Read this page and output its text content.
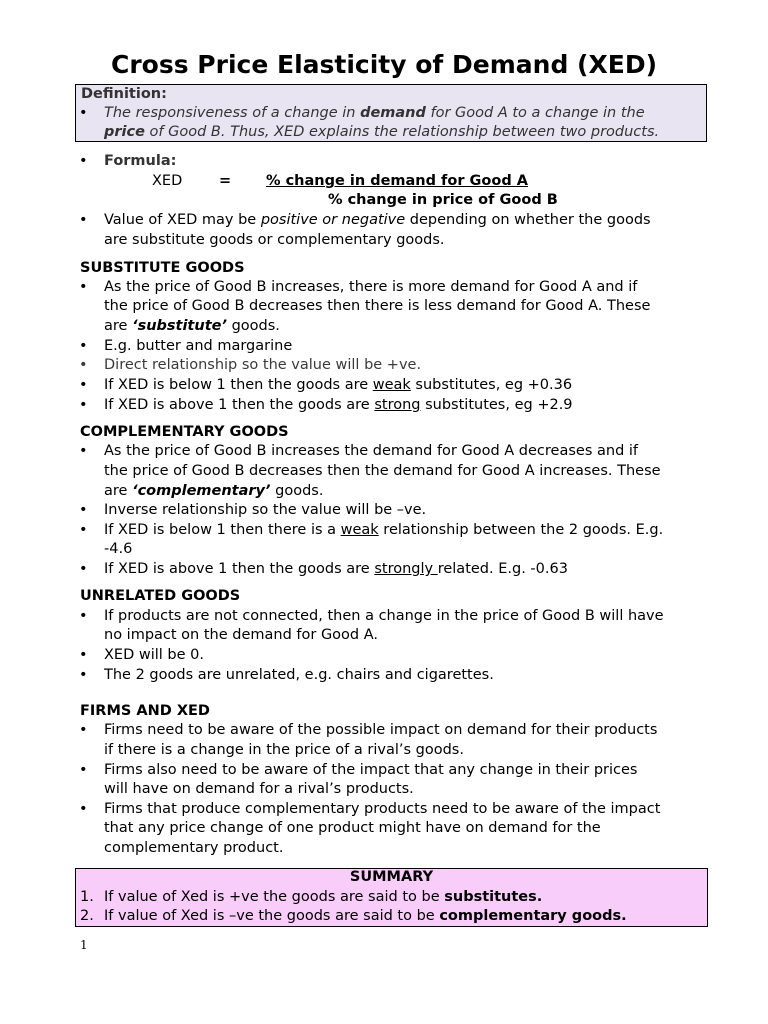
Cross Price Elasticity of Demand (XED)
Definition:
• The responsiveness of a change in demand for Good A to a change in the
price of Good B. Thus, XED explains the relationship between two products.
• Formula:
XED	= % change in demand for Good A
% change in price of Good B
• Value of XED may be positive or negative depending on whether the goods
are substitute goods or complementary goods.
SUBSTITUTE GOODS
• As the price of Good B increases, there is more demand for Good A and if
the price of Good B decreases then there is less demand for Good A. These
are ‘substitute’ goods.
• E.g. butter and margarine
• Direct relationship so the value will be +ve.
• If XED is below 1 then the goods are weak substitutes, eg +0.36
• If XED is above 1 then the goods are strong substitutes, eg +2.9
COMPLEMENTARY GOODS
• As the price of Good B increases the demand for Good A decreases and if
the price of Good B decreases then the demand for Good A increases. These
are ‘complementary’ goods.
• Inverse relationship so the value will be –ve.
• If XED is below 1 then there is a weak relationship between the 2 goods. E.g.
-4.6
• If XED is above 1 then the goods are strongly related. E.g. -0.63
UNRELATED GOODS
• If products are not connected, then a change in the price of Good B will have
no impact on the demand for Good A.
• XED will be 0.
• The 2 goods are unrelated, e.g. chairs and cigarettes.
FIRMS AND XED
• Firms need to be aware of the possible impact on demand for their products
if there is a change in the price of a rival’s goods.
• Firms also need to be aware of the impact that any change in their prices
will have on demand for a rival’s products.
• Firms that produce complementary products need to be aware of the impact
that any price change of one product might have on demand for the
complementary product.
SUMMARY
1. If value of Xed is +ve the goods are said to be substitutes.
2. If value of Xed is –ve the goods are said to be complementary goods.
1
